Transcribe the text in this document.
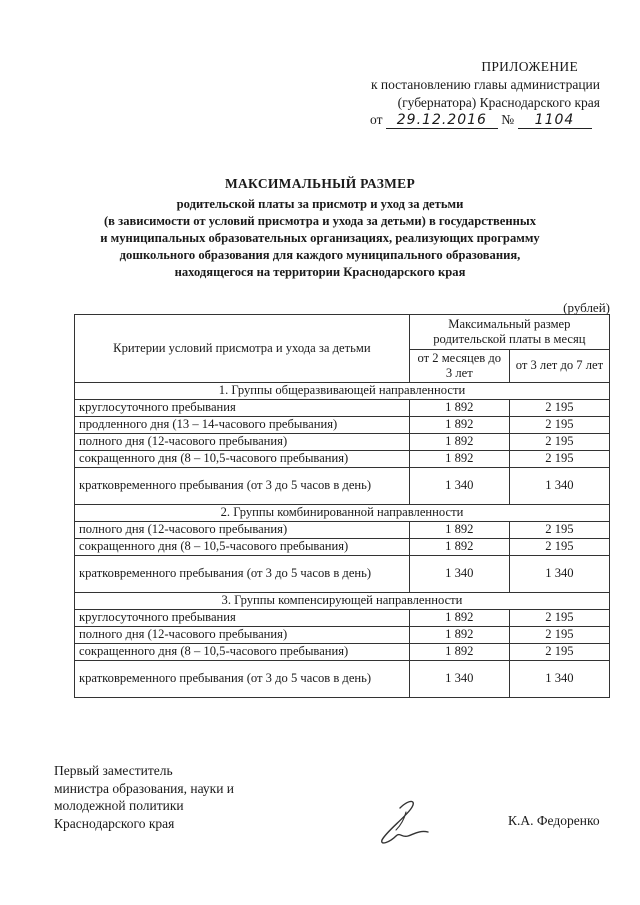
ПРИЛОЖЕНИЕ
к постановлению главы администрации
(губернатора) Краснодарского края
от 29.12.2016 № 1104
МАКСИМАЛЬНЫЙ РАЗМЕР
родительской платы за присмотр и уход за детьми
(в зависимости от условий присмотра и ухода за детьми) в государственных
и муниципальных образовательных организациях, реализующих программу
дошкольного образования для каждого муниципального образования,
находящегося на территории Краснодарского края
(рублей)
Критерии условий присмотра и ухода за детьми	Максимальный размер родительской платы в месяц	
	от 2 месяцев до 3 лет	от 3 лет до 7 лет
1. Группы общеразвивающей направленности		
круглосуточного пребывания	1 892	2 195
продленного дня (13 – 14-часового пребывания)	1 892	2 195
полного дня (12-часового пребывания)	1 892	2 195
сокращенного дня (8 – 10,5-часового пребывания)	1 892	2 195
кратковременного пребывания (от 3 до 5 часов в день)	1 340	1 340
2. Группы комбинированной направленности		
полного дня (12-часового пребывания)	1 892	2 195
сокращенного дня (8 – 10,5-часового пребывания)	1 892	2 195
кратковременного пребывания (от 3 до 5 часов в день)	1 340	1 340
3. Группы компенсирующей направленности		
круглосуточного пребывания	1 892	2 195
полного дня (12-часового пребывания)	1 892	2 195
сокращенного дня (8 – 10,5-часового пребывания)	1 892	2 195
кратковременного пребывания (от 3 до 5 часов в день)	1 340	1 340
Первый заместитель
министра образования, науки и
молодежной политики
Краснодарского края	К.А. Федоренко
